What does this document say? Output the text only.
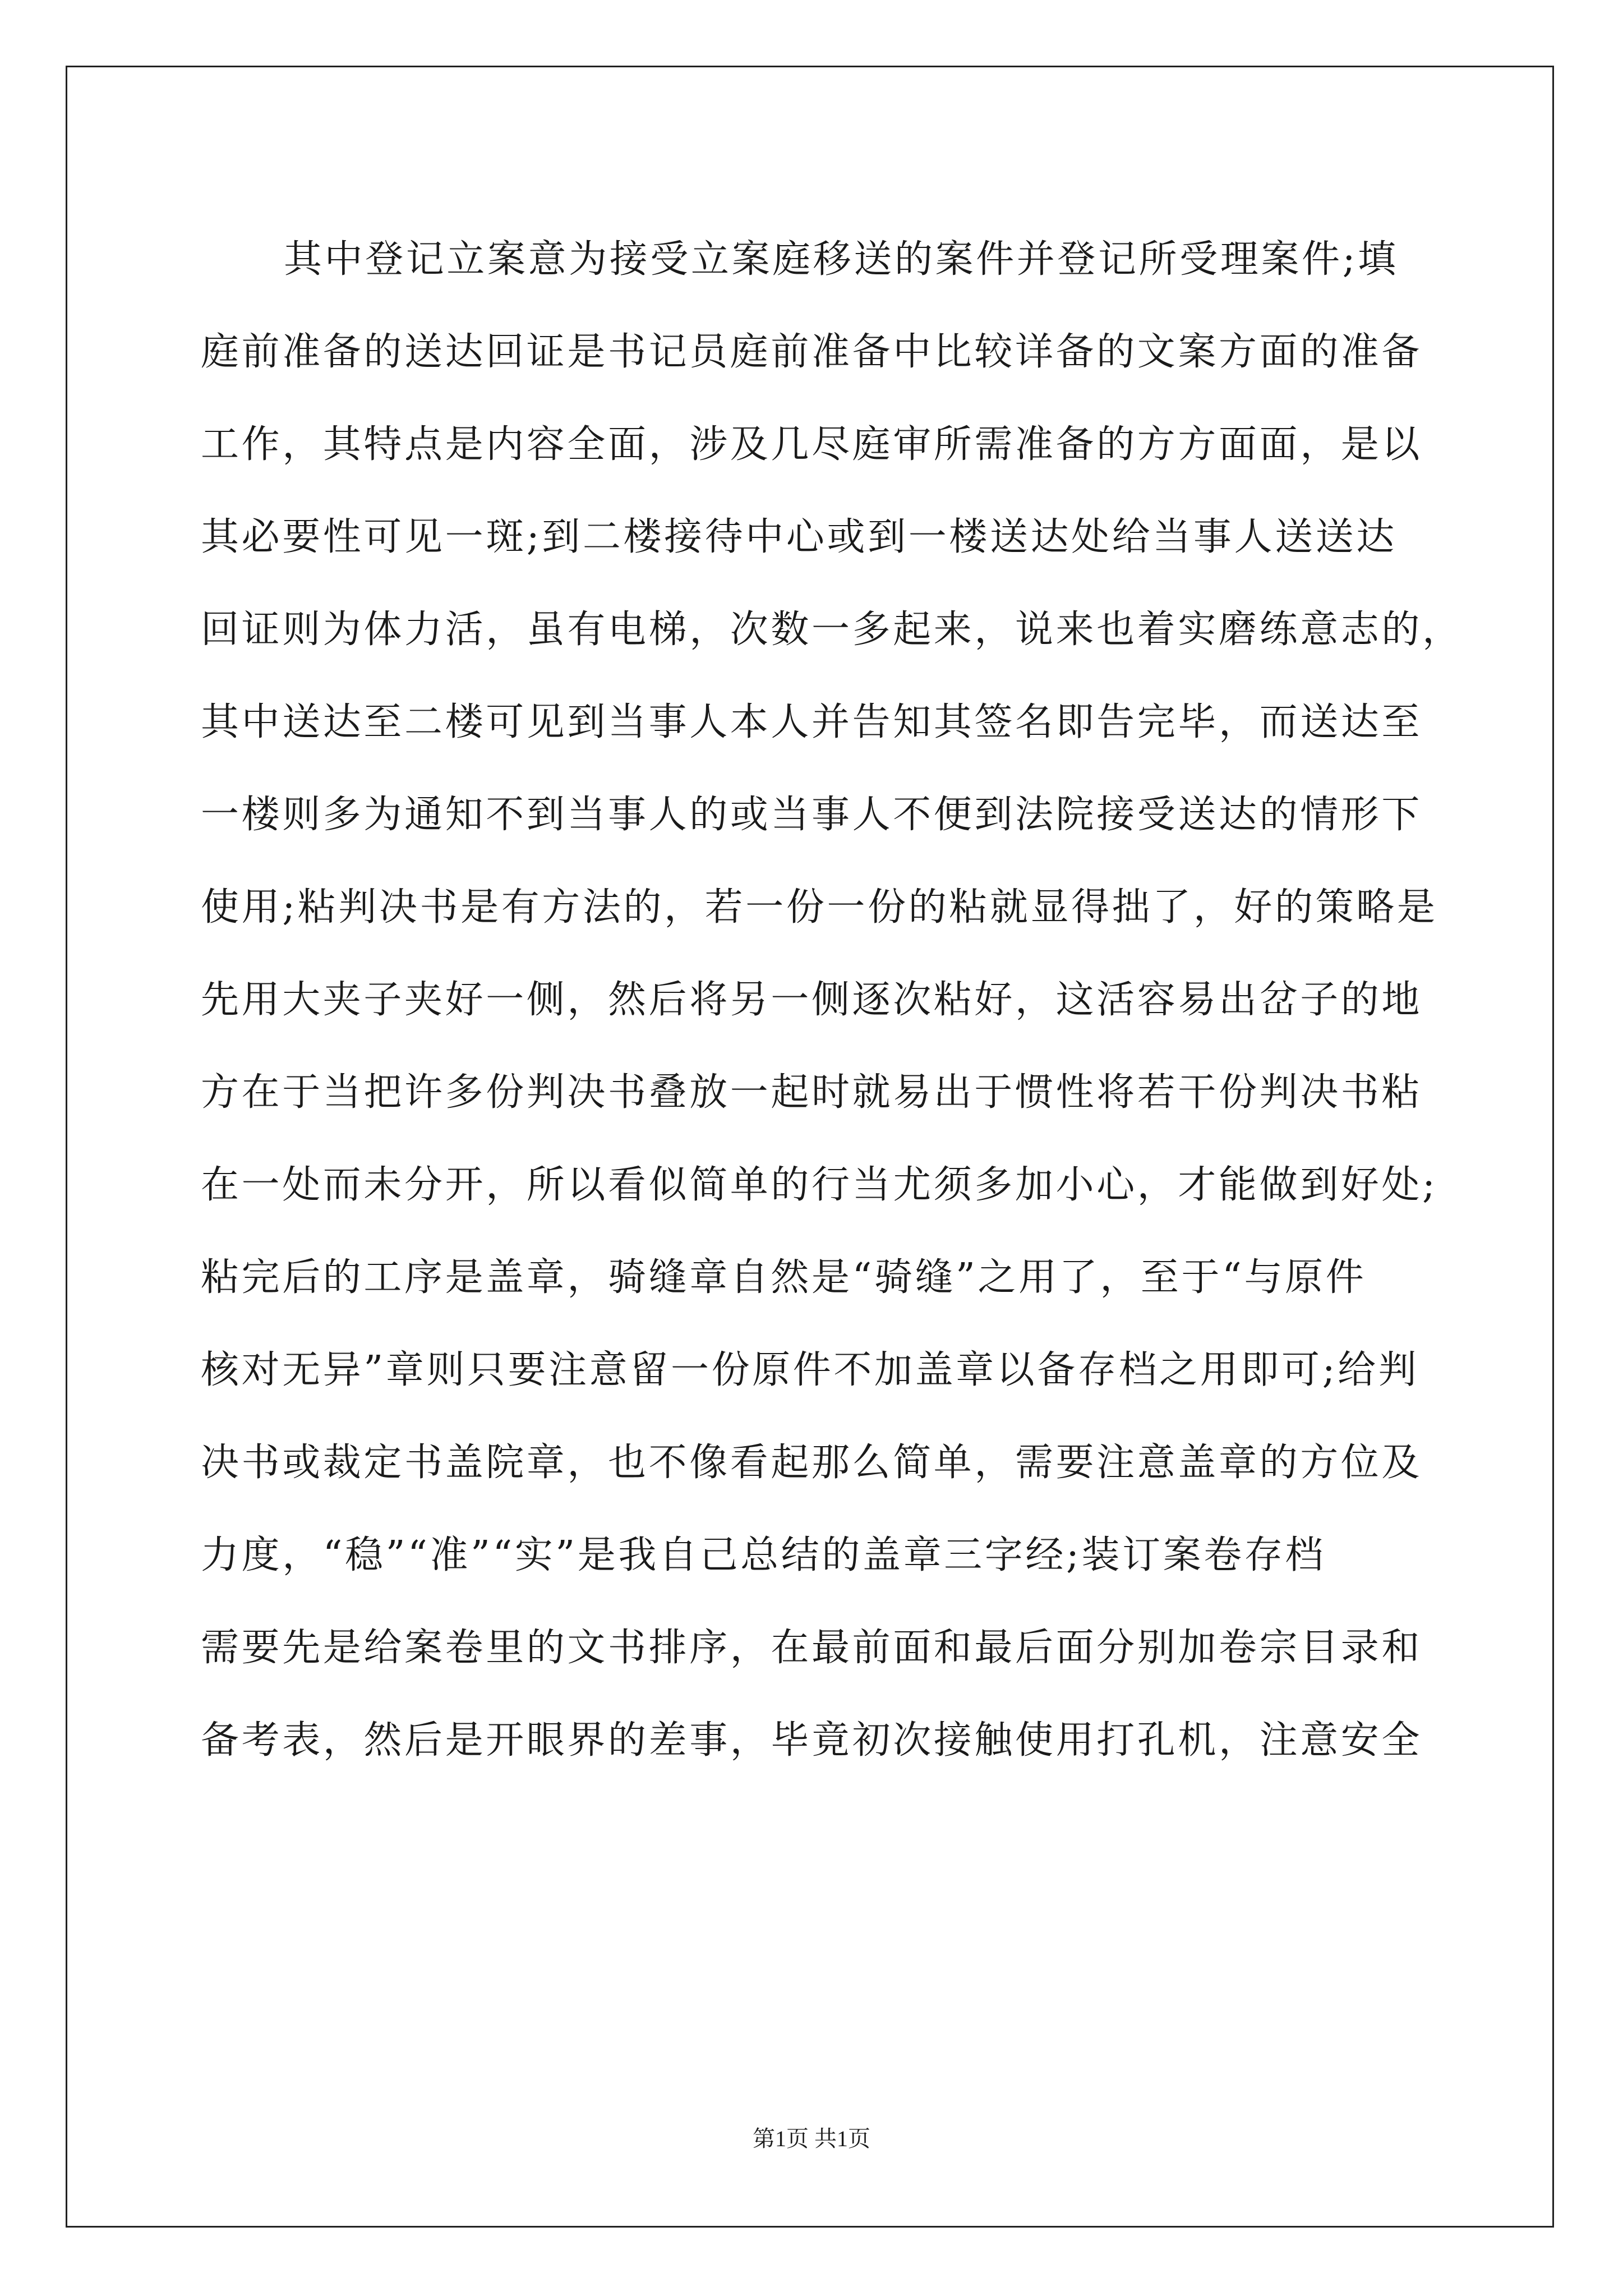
其中登记立案意为接受立案庭移送的案件并登记所受理案件;填
庭前准备的送达回证是书记员庭前准备中比较详备的文案方面的准备
工作，其特点是内容全面，涉及几尽庭审所需准备的方方面面，是以
其必要性可见一斑;到二楼接待中心或到一楼送达处给当事人送送达
回证则为体力活，虽有电梯，次数一多起来，说来也着实磨练意志的，
其中送达至二楼可见到当事人本人并告知其签名即告完毕，而送达至
一楼则多为通知不到当事人的或当事人不便到法院接受送达的情形下
使用;粘判决书是有方法的，若一份一份的粘就显得拙了，好的策略是
先用大夹子夹好一侧，然后将另一侧逐次粘好，这活容易出岔子的地
方在于当把许多份判决书叠放一起时就易出于惯性将若干份判决书粘
在一处而未分开，所以看似简单的行当尤须多加小心，才能做到好处;
粘完后的工序是盖章，骑缝章自然是“骑缝”之用了，至于“与原件
核对无异”章则只要注意留一份原件不加盖章以备存档之用即可;给判
决书或裁定书盖院章，也不像看起那么简单，需要注意盖章的方位及
力度，“稳”“准”“实”是我自己总结的盖章三字经;装订案卷存档
需要先是给案卷里的文书排序，在最前面和最后面分别加卷宗目录和
备考表，然后是开眼界的差事，毕竟初次接触使用打孔机，注意安全
第1页 共1页
